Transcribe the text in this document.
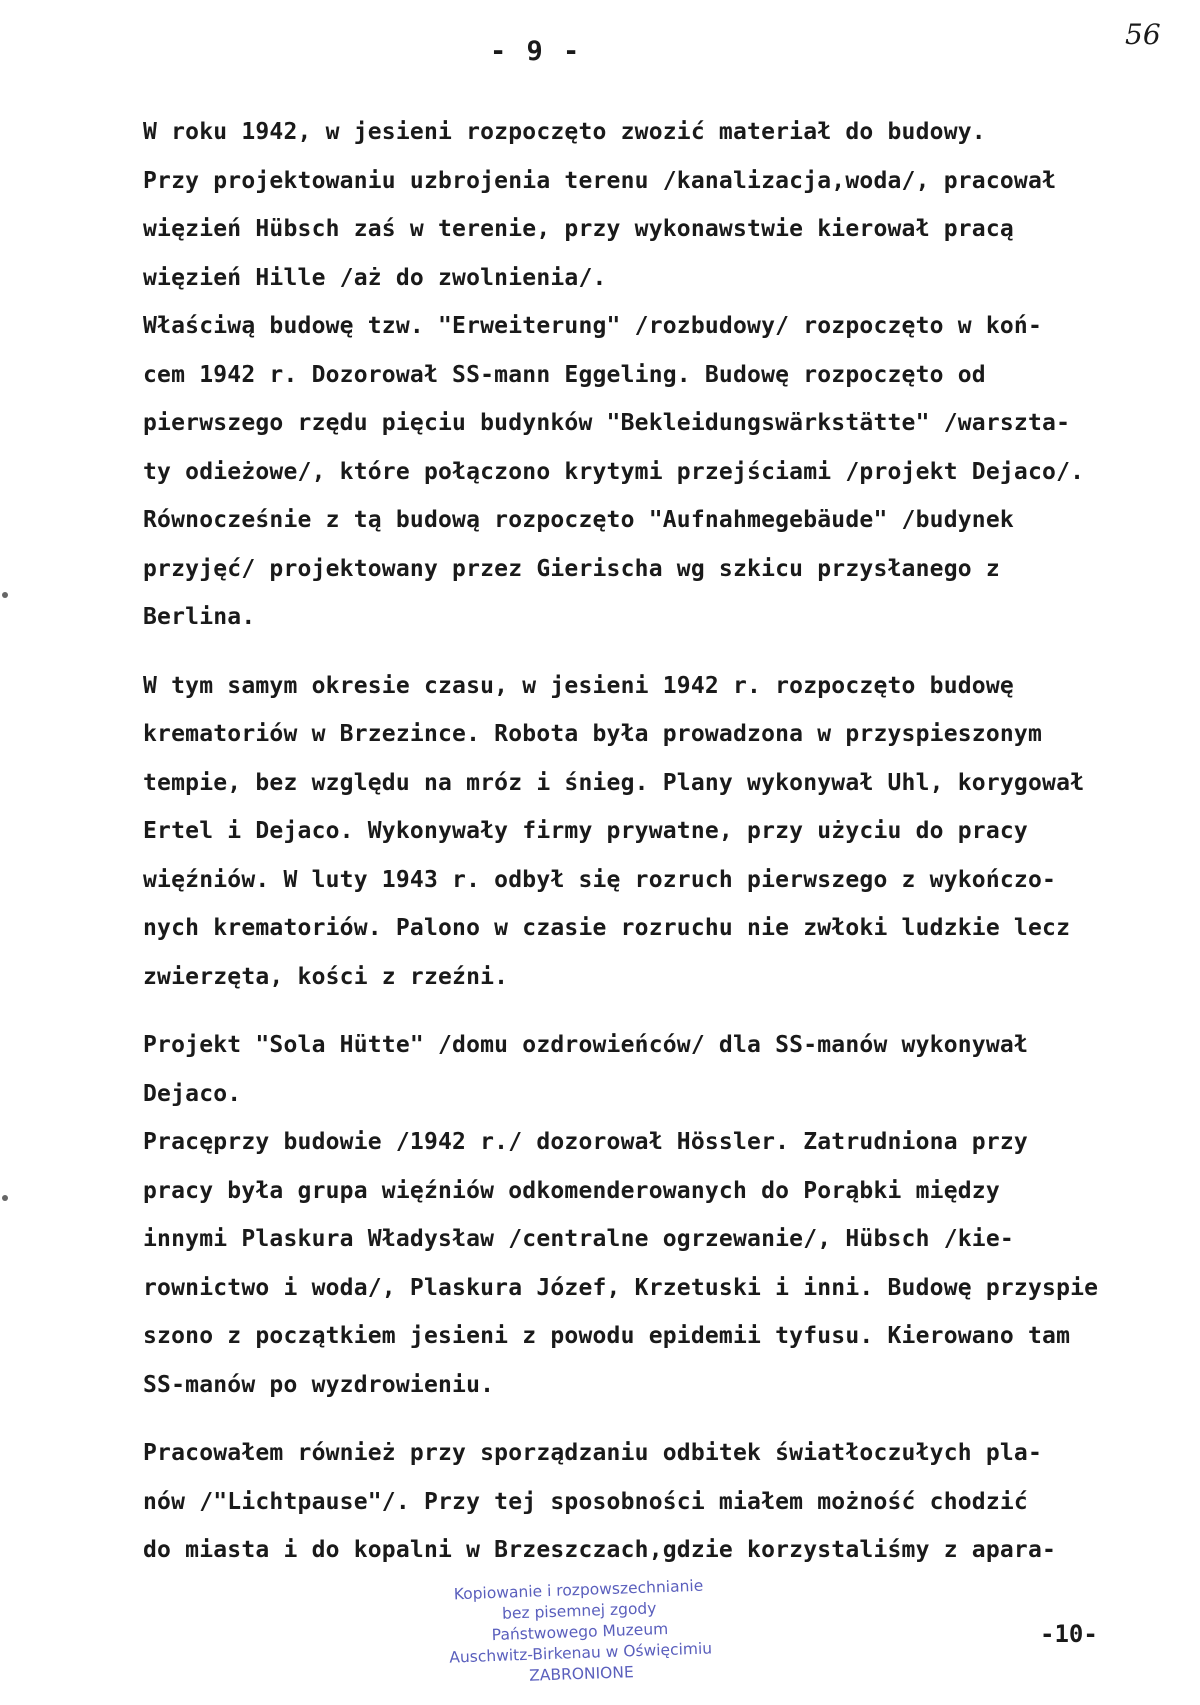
- 9 -
56
W roku 1942, w jesieni rozpoczęto zwozić materiał do budowy.
Przy projektowaniu uzbrojenia terenu /kanalizacja,woda/, pracował
więzień Hübsch zaś w terenie, przy wykonawstwie kierował pracą
więzień Hille /aż do zwolnienia/.
Właściwą budowę tzw. "Erweiterung" /rozbudowy/ rozpoczęto w koń-
cem 1942 r. Dozorował SS-mann Eggeling. Budowę rozpoczęto od
pierwszego rzędu pięciu budynków "Bekleidungswärkstätte" /warszta-
ty odieżowe/, które połączono krytymi przejściami /projekt Dejaco/.
Równocześnie z tą budową rozpoczęto "Aufnahmegebäude" /budynek
przyjęć/ projektowany przez Gierischa wg szkicu przysłanego z
Berlina.
W tym samym okresie czasu, w jesieni 1942 r. rozpoczęto budowę
krematoriów w Brzezince. Robota była prowadzona w przyspieszonym
tempie, bez względu na mróz i śnieg. Plany wykonywał Uhl, korygował
Ertel i Dejaco. Wykonywały firmy prywatne, przy użyciu do pracy
więźniów. W luty 1943 r. odbył się rozruch pierwszego z wykończo-
nych krematoriów. Palono w czasie rozruchu nie zwłoki ludzkie lecz
zwierzęta, kości z rzeźni.
Projekt "Sola Hütte" /domu ozdrowieńców/ dla SS-manów wykonywał
Dejaco.
Pracęprzy budowie /1942 r./ dozorował Hössler. Zatrudniona przy
pracy była grupa więźniów odkomenderowanych do Porąbki między
innymi Plaskura Władysław /centralne ogrzewanie/, Hübsch /kie-
rownictwo i woda/, Plaskura Józef, Krzetuski i inni. Budowę przyspie
szono z początkiem jesieni z powodu epidemii tyfusu. Kierowano tam
SS-manów po wyzdrowieniu.
Pracowałem również przy sporządzaniu odbitek światłoczułych pla-
nów /"Lichtpause"/. Przy tej sposobności miałem możność chodzić
do miasta i do kopalni w Brzeszczach,gdzie korzystaliśmy z apara-
Kopiowanie i rozpowszechnianie
bez pisemnej zgody
Państwowego Muzeum
Auschwitz-Birkenau w Oświęcimiu
ZABRONIONE
-10-
